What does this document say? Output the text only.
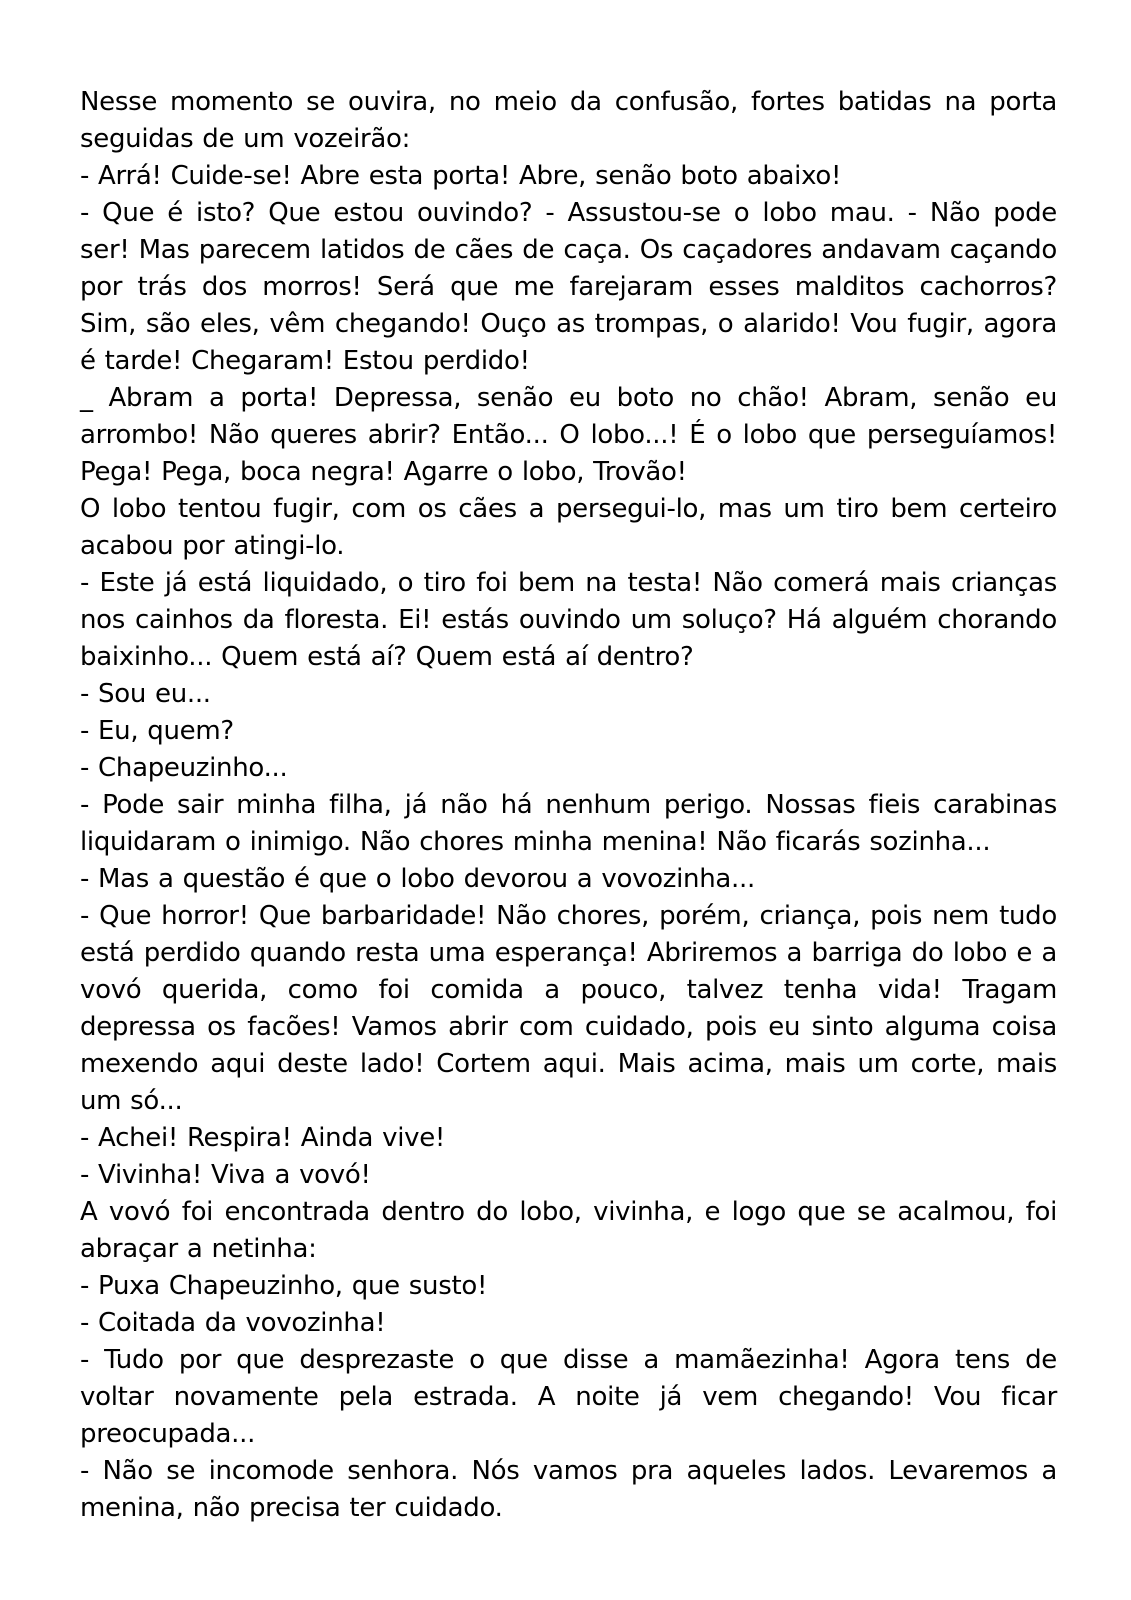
Nesse momento se ouvira, no meio da confusão, fortes batidas na porta seguidas de um vozeirão:

- Arrá! Cuide-se! Abre esta porta! Abre, senão boto abaixo!

- Que é isto? Que estou ouvindo? - Assustou-se o lobo mau. - Não pode ser! Mas parecem latidos de cães de caça. Os caçadores andavam caçando por trás dos morros! Será que me farejaram esses malditos cachorros? Sim, são eles, vêm chegando! Ouço as trompas, o alarido! Vou fugir, agora é tarde! Chegaram! Estou perdido!

_ Abram a porta! Depressa, senão eu boto no chão! Abram, senão eu arrombo! Não queres abrir? Então... O lobo...! É o lobo que perseguíamos! Pega! Pega, boca negra! Agarre o lobo, Trovão!

O lobo tentou fugir, com os cães a persegui-lo, mas um tiro bem certeiro acabou por atingi-lo.

- Este já está liquidado, o tiro foi bem na testa! Não comerá mais crianças nos cainhos da floresta. Ei! estás ouvindo um soluço? Há alguém chorando baixinho... Quem está aí? Quem está aí dentro?

- Sou eu...

- Eu, quem?

- Chapeuzinho...

- Pode sair minha filha, já não há nenhum perigo. Nossas fieis carabinas liquidaram o inimigo. Não chores minha menina! Não ficarás sozinha...

- Mas a questão é que o lobo devorou a vovozinha...

- Que horror! Que barbaridade! Não chores, porém, criança, pois nem tudo está perdido quando resta uma esperança! Abriremos a barriga do lobo e a vovó querida, como foi comida a pouco, talvez tenha vida! Tragam depressa os facões! Vamos abrir com cuidado, pois eu sinto alguma coisa mexendo aqui deste lado! Cortem aqui. Mais acima, mais um corte, mais um só...

- Achei! Respira! Ainda vive!

- Vivinha! Viva a vovó!

A vovó foi encontrada dentro do lobo, vivinha, e logo que se acalmou, foi abraçar a netinha:

- Puxa Chapeuzinho, que susto!

- Coitada da vovozinha!

- Tudo por que desprezaste o que disse a mamãezinha! Agora tens de voltar novamente pela estrada. A noite já vem chegando! Vou ficar preocupada...

- Não se incomode senhora. Nós vamos pra aqueles lados. Levaremos a menina, não precisa ter cuidado.
